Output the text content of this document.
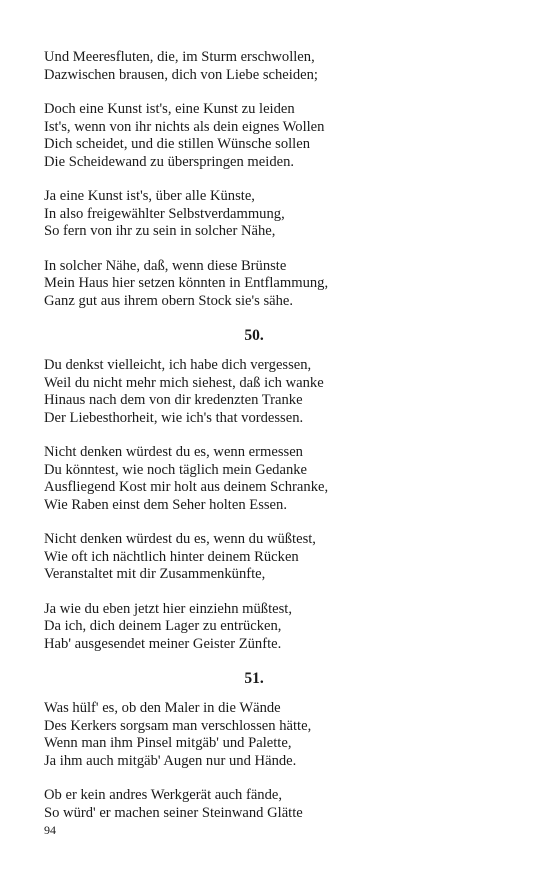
Und Meeresfluten, die, im Sturm erschwollen,
Dazwischen brausen, dich von Liebe scheiden;
Doch eine Kunst ist's, eine Kunst zu leiden
Ist's, wenn von ihr nichts als dein eignes Wollen
Dich scheidet, und die stillen Wünsche sollen
Die Scheidewand zu überspringen meiden.
Ja eine Kunst ist's, über alle Künste,
In also freigewählter Selbstverdammung,
So fern von ihr zu sein in solcher Nähe,
In solcher Nähe, daß, wenn diese Brünste
Mein Haus hier setzen könnten in Entflammung,
Ganz gut aus ihrem obern Stock sie's sähe.
50.
Du denkst vielleicht, ich habe dich vergessen,
Weil du nicht mehr mich siehest, daß ich wanke
Hinaus nach dem von dir kredenzten Tranke
Der Liebesthorheit, wie ich's that vordessen.
Nicht denken würdest du es, wenn ermessen
Du könntest, wie noch täglich mein Gedanke
Ausfliegend Kost mir holt aus deinem Schranke,
Wie Raben einst dem Seher holten Essen.
Nicht denken würdest du es, wenn du wüßtest,
Wie oft ich nächtlich hinter deinem Rücken
Veranstaltet mit dir Zusammenkünfte,
Ja wie du eben jetzt hier einziehn müßtest,
Da ich, dich deinem Lager zu entrücken,
Hab' ausgesendet meiner Geister Zünfte.
51.
Was hülf' es, ob den Maler in die Wände
Des Kerkers sorgsam man verschlossen hätte,
Wenn man ihm Pinsel mitgäb' und Palette,
Ja ihm auch mitgäb' Augen nur und Hände.
Ob er kein andres Werkgerät auch fände,
So würd' er machen seiner Steinwand Glätte
94
